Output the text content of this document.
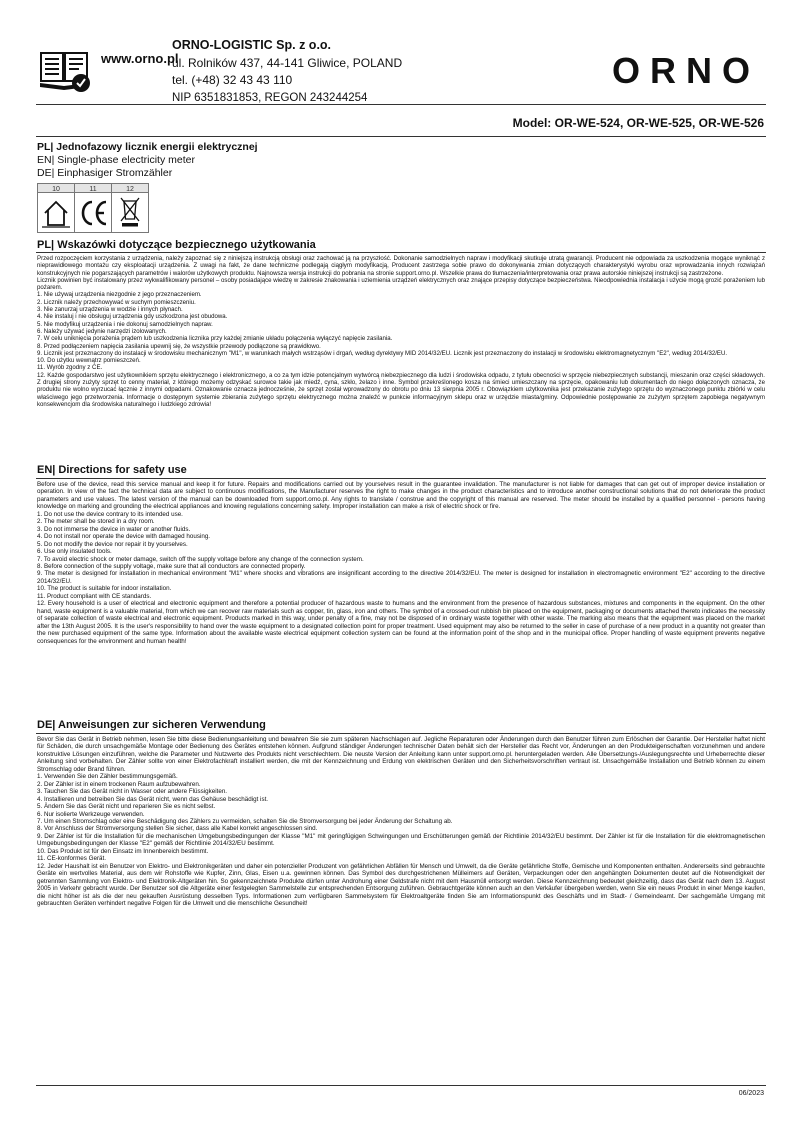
www.orno.pl
ORNO-LOGISTIC Sp. z o.o.
ul. Rolników 437, 44-141 Gliwice, POLAND
tel. (+48) 32 43 43 110
NIP 6351831853, REGON 243244254
ORNO
Model: OR-WE-524, OR-WE-525, OR-WE-526
PL| Jednofazowy licznik energii elektrycznej
EN| Single-phase electricity meter
DE| Einphasiger Stromzähler
10	11	12
PL| Wskazówki dotyczące bezpiecznego użytkowania

Przed rozpoczęciem korzystania z urządzenia, należy zapoznać się z niniejszą instrukcją obsługi oraz zachować ją na przyszłość. Dokonanie samodzielnych napraw i modyfikacji skutkuje utratą gwarancji. Producent nie odpowiada za uszkodzenia mogące wyniknąć z nieprawidłowego montażu czy eksploatacji urządzenia. Z uwagi na fakt, że dane techniczne podlegają ciągłym modyfikacją, Producent zastrzega sobie prawo do dokonywania zmian dotyczących charakterystyki wyrobu oraz wprowadzania innych rozwiązań konstrukcyjnych nie pogarszających parametrów i walorów użytkowych produktu. Najnowsza wersja instrukcji do pobrania na stronie support.orno.pl. Wszelkie prawa do tłumaczenia/interpretowania oraz prawa autorskie niniejszej instrukcji są zastrzeżone.

Licznik powinien być instalowany przez wykwalifikowany personel – osoby posiadające wiedzę w zakresie znakowania i uziemienia urządzeń elektrycznych oraz znające przepisy dotyczące bezpieczeństwa. Nieodpowiednia instalacja i użycie mogą grozić porażeniem lub pożarem.

1. Nie używaj urządzenia niezgodnie z jego przeznaczeniem.

2. Licznik należy przechowywać w suchym pomieszczeniu.

3. Nie zanurzaj urządzenia w wodzie i innych płynach.

4. Nie instaluj i nie obsługuj urządzenia gdy uszkodzona jest obudowa.

5. Nie modyfikuj urządzenia i nie dokonuj samodzielnych napraw.

6. Należy używać jedynie narzędzi izolowanych.

7. W celu uniknięcia porażenia prądem lub uszkodzenia licznika przy każdej zmianie układu połączenia wyłączyć napięcie zasilania.

8. Przed podłączeniem napięcia zasilania upewnij się, że wszystkie przewody podłączone są prawidłowo.

9. Licznik jest przeznaczony do instalacji w środowisku mechanicznym "M1", w warunkach małych wstrząsów i drgań, według dyrektywy MID 2014/32/EU. Licznik jest przeznaczony do instalacji w środowisku elektromagnetycznym "E2", według 2014/32/EU.

10. Do użytku wewnątrz pomieszczeń.

11. Wyrób zgodny z CE.

12. Każde gospodarstwo jest użytkownikiem sprzętu elektrycznego i elektronicznego, a co za tym idzie potencjalnym wytwórcą niebezpiecznego dla ludzi i środowiska odpadu, z tytułu obecności w sprzęcie niebezpiecznych substancji, mieszanin oraz części składowych. Z drugiej strony zużyty sprzęt to cenny materiał, z którego możemy odzyskać surowce takie jak miedź, cyna, szkło, żelazo i inne. Symbol przekreślonego kosza na śmieci umieszczany na sprzęcie, opakowaniu lub dokumentach do niego dołączonych oznacza, że produktu nie wolno wyrzucać łącznie z innymi odpadami. Oznakowanie oznacza jednocześnie, że sprzęt został wprowadzony do obrotu po dniu 13 sierpnia 2005 r. Obowiązkiem użytkownika jest przekazanie zużytego sprzętu do wyznaczonego punktu zbiórki w celu właściwego jego przetworzenia. Informacje o dostępnym systemie zbierania zużytego sprzętu elektrycznego można znaleźć w punkcie informacyjnym sklepu oraz w urzędzie miasta/gminy. Odpowiednie postępowanie ze zużytym sprzętem zapobiega negatywnym konsekwencjom dla środowiska naturalnego i ludzkiego zdrowia!

EN| Directions for safety use

Before use of the device, read this service manual and keep it for future. Repairs and modifications carried out by yourselves result in the guarantee invalidation. The manufacturer is not liable for damages that can get out of improper device installation or operation. In view of the fact the technical data are subject to continuous modifications, the Manufacturer reserves the right to make changes in the product characteristics and to introduce another constructional solutions that do not deteriorate the product parameters and use values. The latest version of the manual can be downloaded from support.orno.pl. Any rights to translate / construe and the copyright of this manual are reserved. The meter should be installed by a qualified personnel - persons having knowledge on marking and grounding the electrical appliances and knowing regulations concerning safety. Improper installation can make a risk of electric shock or fire.

1. Do not use the device contrary to its intended use.

2. The meter shall be stored in a dry room.

3. Do not immerse the device in water or another fluids.

4. Do not install nor operate the device with damaged housing.

5. Do not modify the device nor repair it by yourselves.

6. Use only insulated tools.

7. To avoid electric shock or meter damage, switch off the supply voltage before any change of the connection system.

8. Before connection of the supply voltage, make sure that all conductors are connected properly.

9. The meter is designed for installation in mechanical environment "M1" where shocks and vibrations are insignificant according to the directive 2014/32/EU. The meter is designed for installation in electromagnetic environment "E2" according to the directive 2014/32/EU.

10. The product is suitable for indoor installation.

11. Product compliant with CE standards.

12. Every household is a user of electrical and electronic equipment and therefore a potential producer of hazardous waste to humans and the environment from the presence of hazardous substances, mixtures and components in the equipment. On the other hand, waste equipment is a valuable material, from which we can recover raw materials such as copper, tin, glass, iron and others. The symbol of a crossed-out rubbish bin placed on the equipment, packaging or documents attached thereto indicates the necessity of separate collection of waste electrical and electronic equipment. Products marked in this way, under penalty of a fine, may not be disposed of in ordinary waste together with other waste. The marking also means that the equipment was placed on the market after the 13th August 2005. It is the user's responsibility to hand over the waste equipment to a designated collection point for proper treatment. Used equipment may also be returned to the seller in case of purchase of a new product in a quantity not greater than the new purchased equipment of the same type. Information about the available waste electrical equipment collection system can be found at the information point of the shop and in the municipal office. Proper handling of waste equipment prevents negative consequences for the environment and human health!

DE| Anweisungen zur sicheren Verwendung

Bevor Sie das Gerät in Betrieb nehmen, lesen Sie bitte diese Bedienungsanleitung und bewahren Sie sie zum späteren Nachschlagen auf. Jegliche Reparaturen oder Änderungen durch den Benutzer führen zum Erlöschen der Garantie. Der Hersteller haftet nicht für Schäden, die durch unsachgemäße Montage oder Bedienung des Gerätes entstehen können. Aufgrund ständiger Änderungen technischer Daten behält sich der Hersteller das Recht vor, Änderungen an den Produkteigenschaften vorzunehmen und andere konstruktive Lösungen einzuführen, welche die Parameter und Nutzwerte des Produkts nicht verschlechtern. Die neuste Version der Anleitung kann unter support.orno.pl. heruntergeladen werden. Alle Übersetzungs-/Auslegungsrechte und Urheberrechte dieser Anleitung sind vorbehalten. Der Zähler sollte von einer Elektrofachkraft installiert werden, die mit der Kennzeichnung und Erdung von elektrischen Geräten und den Sicherheitsvorschriften vertraut ist. Unsachgemäße Installation und Betrieb können zu einem Stromschlag oder Brand führen.

1. Verwenden Sie den Zähler bestimmungsgemäß.

2. Der Zähler ist in einem trockenen Raum aufzubewahren.

3. Tauchen Sie das Gerät nicht in Wasser oder andere Flüssigkeiten.

4. Installieren und betreiben Sie das Gerät nicht, wenn das Gehäuse beschädigt ist.

5. Ändern Sie das Gerät nicht und reparieren Sie es nicht selbst.

6. Nur isolierte Werkzeuge verwenden.

7. Um einen Stromschlag oder eine Beschädigung des Zählers zu vermeiden, schalten Sie die Stromversorgung bei jeder Änderung der Schaltung ab.

8. Vor Anschluss der Stromversorgung stellen Sie sicher, dass alle Kabel korrekt angeschlossen sind.

9. Der Zähler ist für die Installation für die mechanischen Umgebungsbedingungen der Klasse "M1" mit geringfügigen Schwingungen und Erschütterungen gemäß der Richtlinie 2014/32/EU bestimmt. Der Zähler ist für die Installation für die elektromagnetischen Umgebungsbedingungen der Klasse "E2" gemäß der Richtlinie 2014/32/EU bestimmt.

10. Das Produkt ist für den Einsatz im Innenbereich bestimmt.

11. CE-konformes Gerät.

12. Jeder Haushalt ist ein Benutzer von Elektro- und Elektronikgeräten und daher ein potenzieller Produzent von gefährlichen Abfällen für Mensch und Umwelt, da die Geräte gefährliche Stoffe, Gemische und Komponenten enthalten. Andererseits sind gebrauchte Geräte ein wertvolles Material, aus dem wir Rohstoffe wie Kupfer, Zinn, Glas, Eisen u.a. gewinnen können. Das Symbol des durchgestrichenen Mülleimers auf Geräten, Verpackungen oder den angehängten Dokumenten deutet auf die Notwendigkeit der getrennten Sammlung von Elektro- und Elektronik-Altgeräten hin. So gekennzeichnete Produkte dürfen unter Androhung einer Geldstrafe nicht mit dem Hausmüll entsorgt werden. Diese Kennzeichnung bedeutet gleichzeitig, dass das Gerät nach dem 13. August 2005 in Verkehr gebracht wurde. Der Benutzer soll die Altgeräte einer festgelegten Sammelstelle zur entsprechenden Entsorgung zuführen. Gebrauchtgeräte können auch an den Verkäufer übergeben werden, wenn Sie ein neues Produkt in einer Menge kaufen, die nicht höher ist als die der neu gekauften Ausrüstung desselben Typs. Informationen zum verfügbaren Sammelsystem für Elektroaltgeräte finden Sie am Informationspunkt des Geschäfts und im Stadt- / Gemeindeamt. Der sachgemäße Umgang mit gebrauchten Geräten verhindert negative Folgen für die Umwelt und die menschliche Gesundheit!

06/2023
